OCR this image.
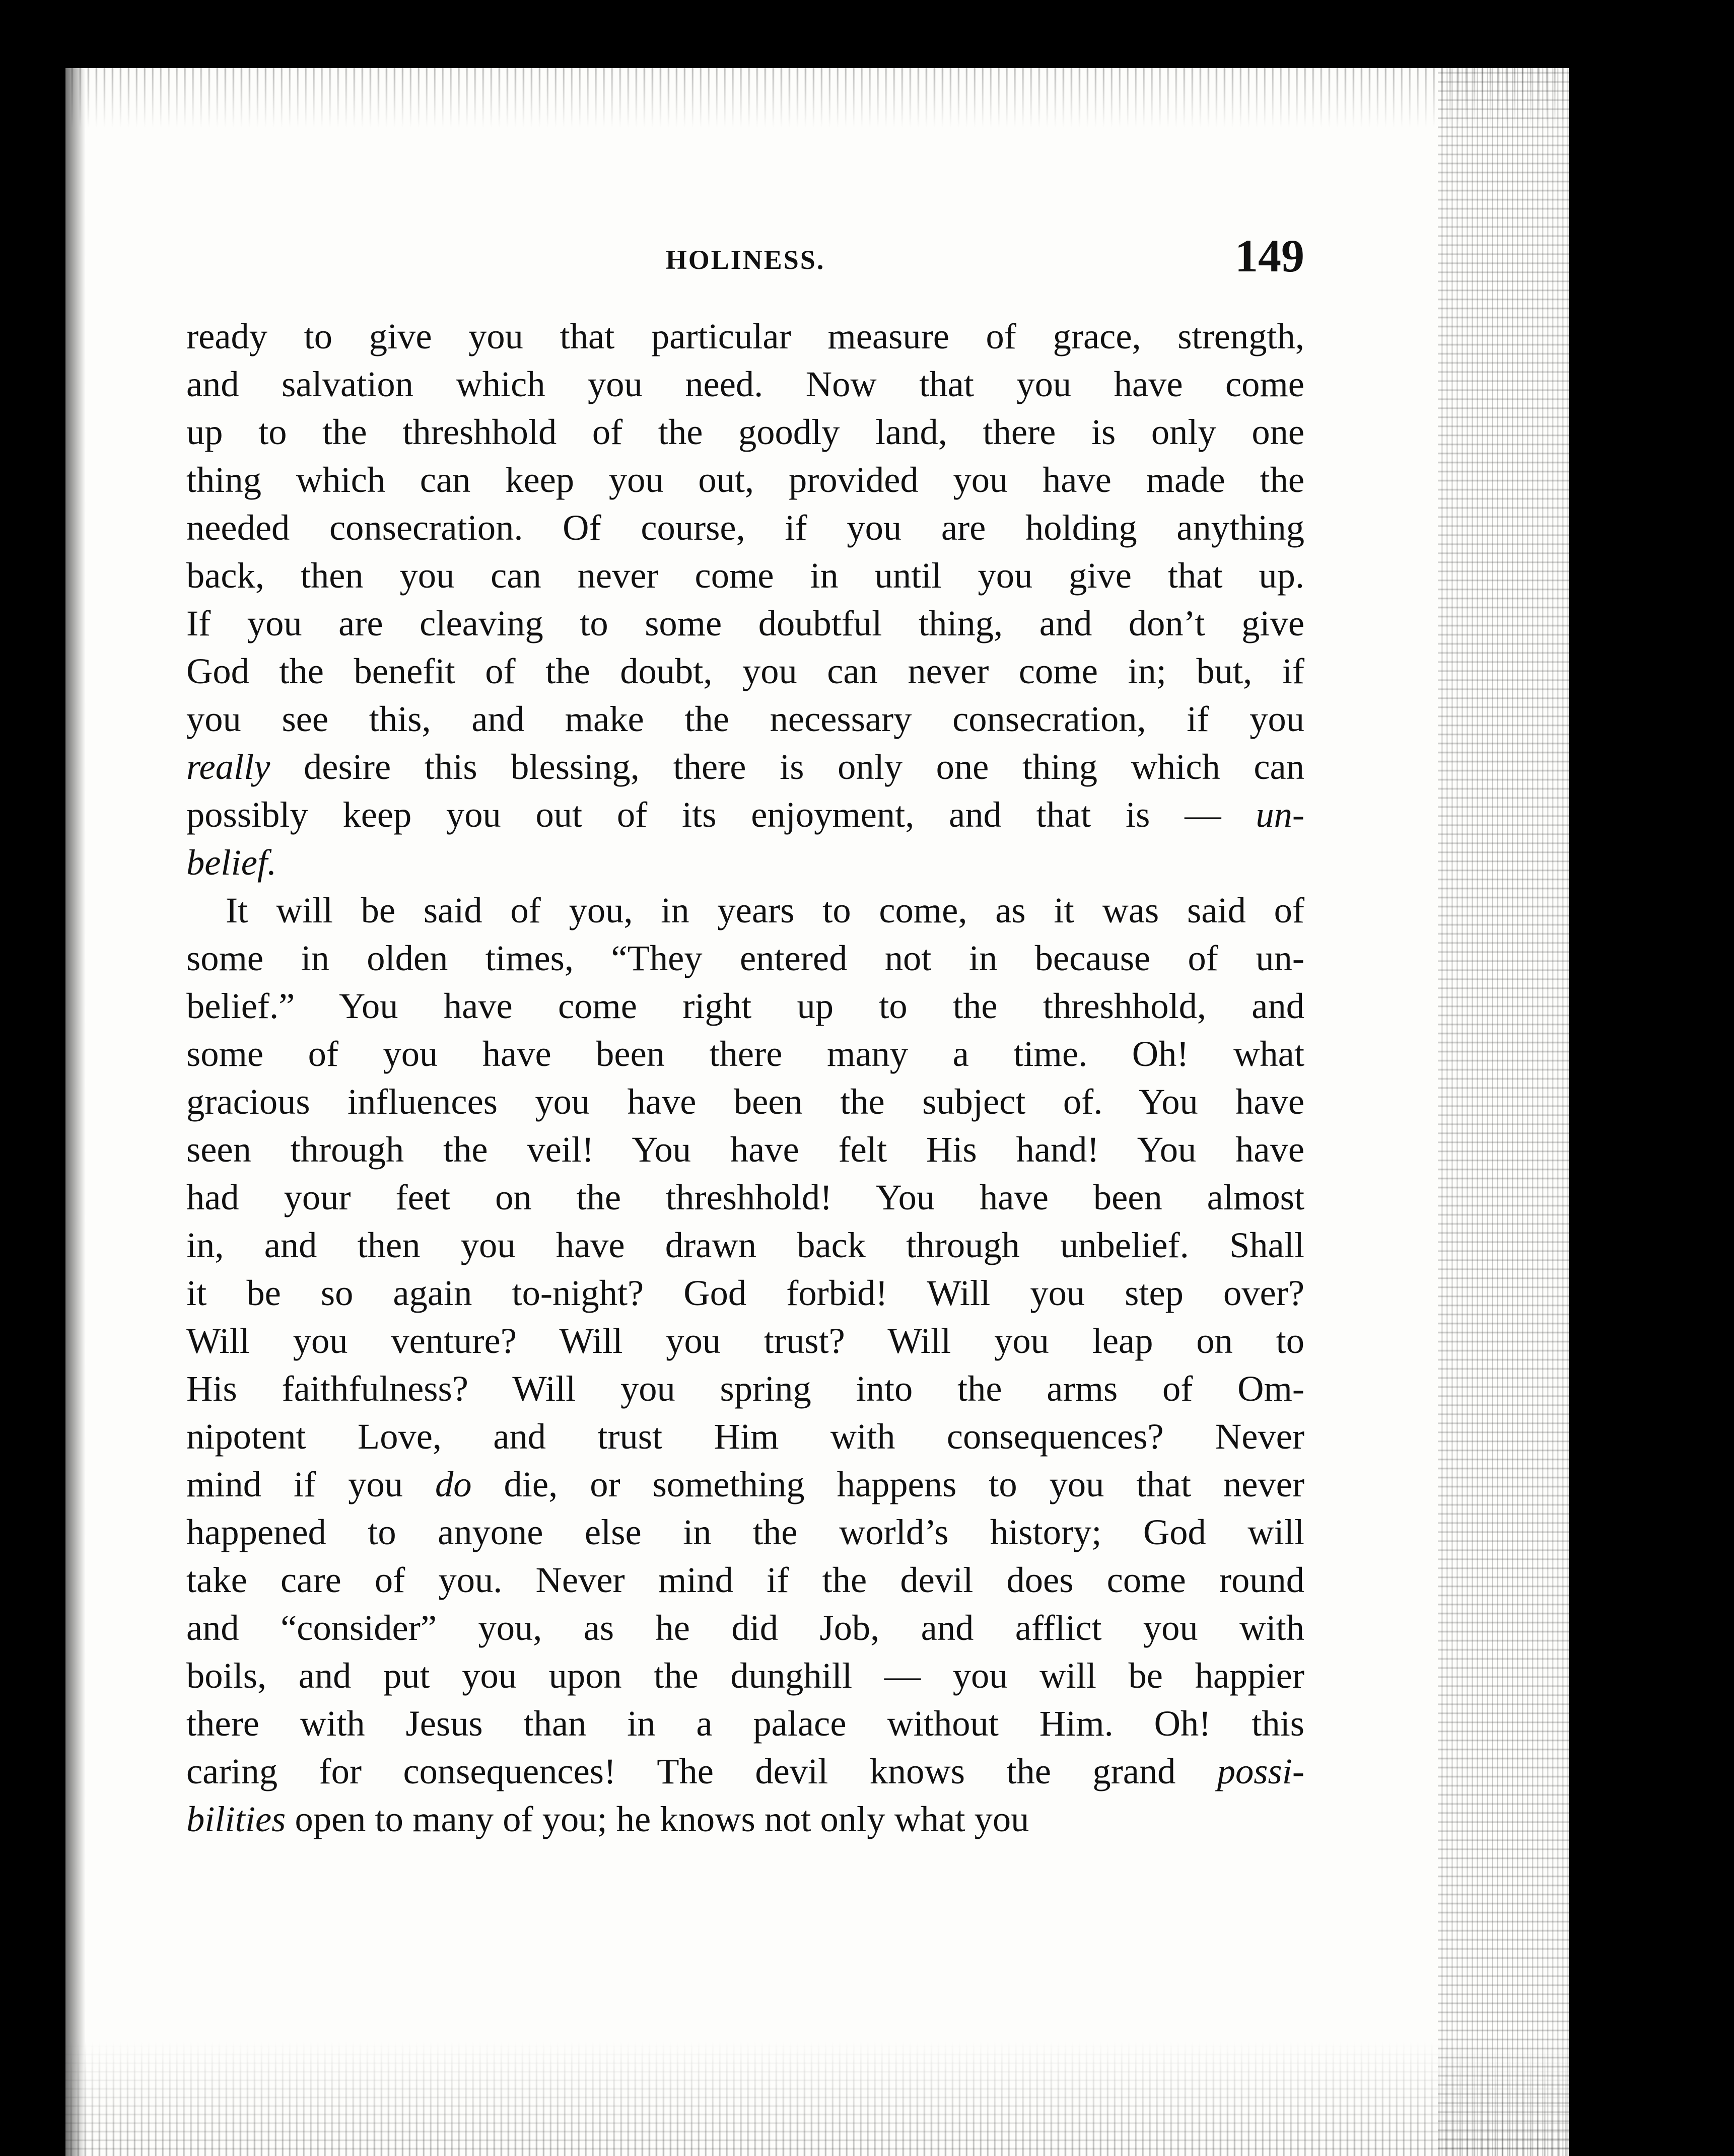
HOLINESS.	149
ready to give you that particular measure of grace, strength,
and salvation which you need. Now that you have come
up to the threshhold of the goodly land, there is only one
thing which can keep you out, provided you have made the
needed consecration. Of course, if you are holding anything
back, then you can never come in until you give that up.
If you are cleaving to some doubtful thing, and don’t give
God the benefit of the doubt, you can never come in; but, if
you see this, and make the necessary consecration, if you
really desire this blessing, there is only one thing which can
possibly keep you out of its enjoyment, and that is — un-
belief.
It will be said of you, in years to come, as it was said of
some in olden times, “They entered not in because of un-
belief.” You have come right up to the threshhold, and
some of you have been there many a time. Oh! what
gracious influences you have been the subject of. You have
seen through the veil! You have felt His hand! You have
had your feet on the threshhold! You have been almost
in, and then you have drawn back through unbelief. Shall
it be so again to-night? God forbid! Will you step over?
Will you venture? Will you trust? Will you leap on to
His faithfulness? Will you spring into the arms of Om-
nipotent Love, and trust Him with consequences? Never
mind if you do die, or something happens to you that never
happened to anyone else in the world’s history; God will
take care of you. Never mind if the devil does come round
and “consider” you, as he did Job, and afflict you with
boils, and put you upon the dunghill — you will be happier
there with Jesus than in a palace without Him. Oh! this
caring for consequences! The devil knows the grand possi-
bilities open to many of you; he knows not only what you
